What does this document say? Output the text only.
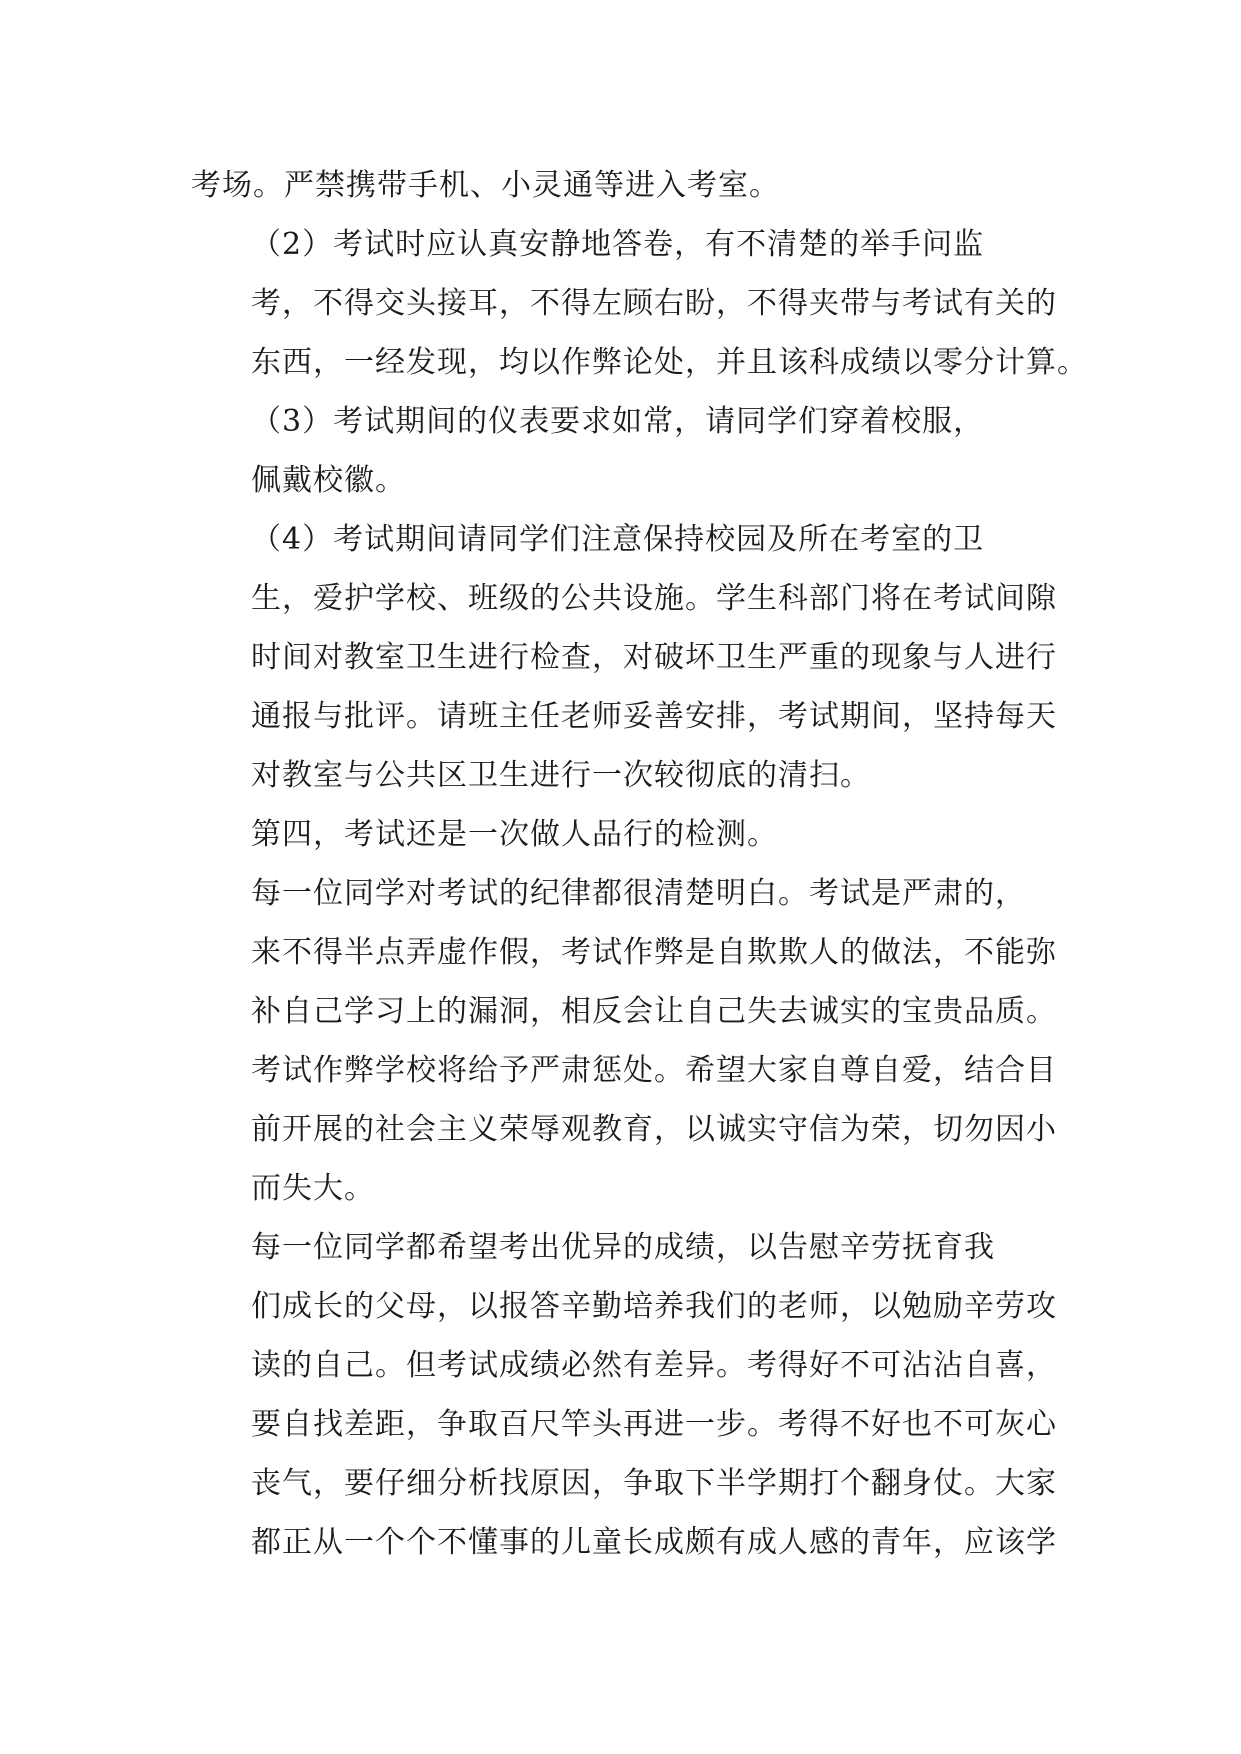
考场。严禁携带手机、小灵通等进入考室。

（2）考试时应认真安静地答卷，有不清楚的举手问监
考，不得交头接耳，不得左顾右盼，不得夹带与考试有关的
东西，一经发现，均以作弊论处，并且该科成绩以零分计算。

（3）考试期间的仪表要求如常，请同学们穿着校服，
佩戴校徽。

（4）考试期间请同学们注意保持校园及所在考室的卫
生，爱护学校、班级的公共设施。学生科部门将在考试间隙
时间对教室卫生进行检查，对破坏卫生严重的现象与人进行
通报与批评。请班主任老师妥善安排，考试期间，坚持每天
对教室与公共区卫生进行一次较彻底的清扫。

第四，考试还是一次做人品行的检测。

每一位同学对考试的纪律都很清楚明白。考试是严肃的，
来不得半点弄虚作假，考试作弊是自欺欺人的做法，不能弥
补自己学习上的漏洞，相反会让自己失去诚实的宝贵品质。
考试作弊学校将给予严肃惩处。希望大家自尊自爱，结合目
前开展的社会主义荣辱观教育，以诚实守信为荣，切勿因小
而失大。

每一位同学都希望考出优异的成绩，以告慰辛劳抚育我
们成长的父母，以报答辛勤培养我们的老师，以勉励辛劳攻
读的自己。但考试成绩必然有差异。考得好不可沾沾自喜，
要自找差距，争取百尺竿头再进一步。考得不好也不可灰心
丧气，要仔细分析找原因，争取下半学期打个翻身仗。大家
都正从一个个不懂事的儿童长成颇有成人感的青年，应该学
